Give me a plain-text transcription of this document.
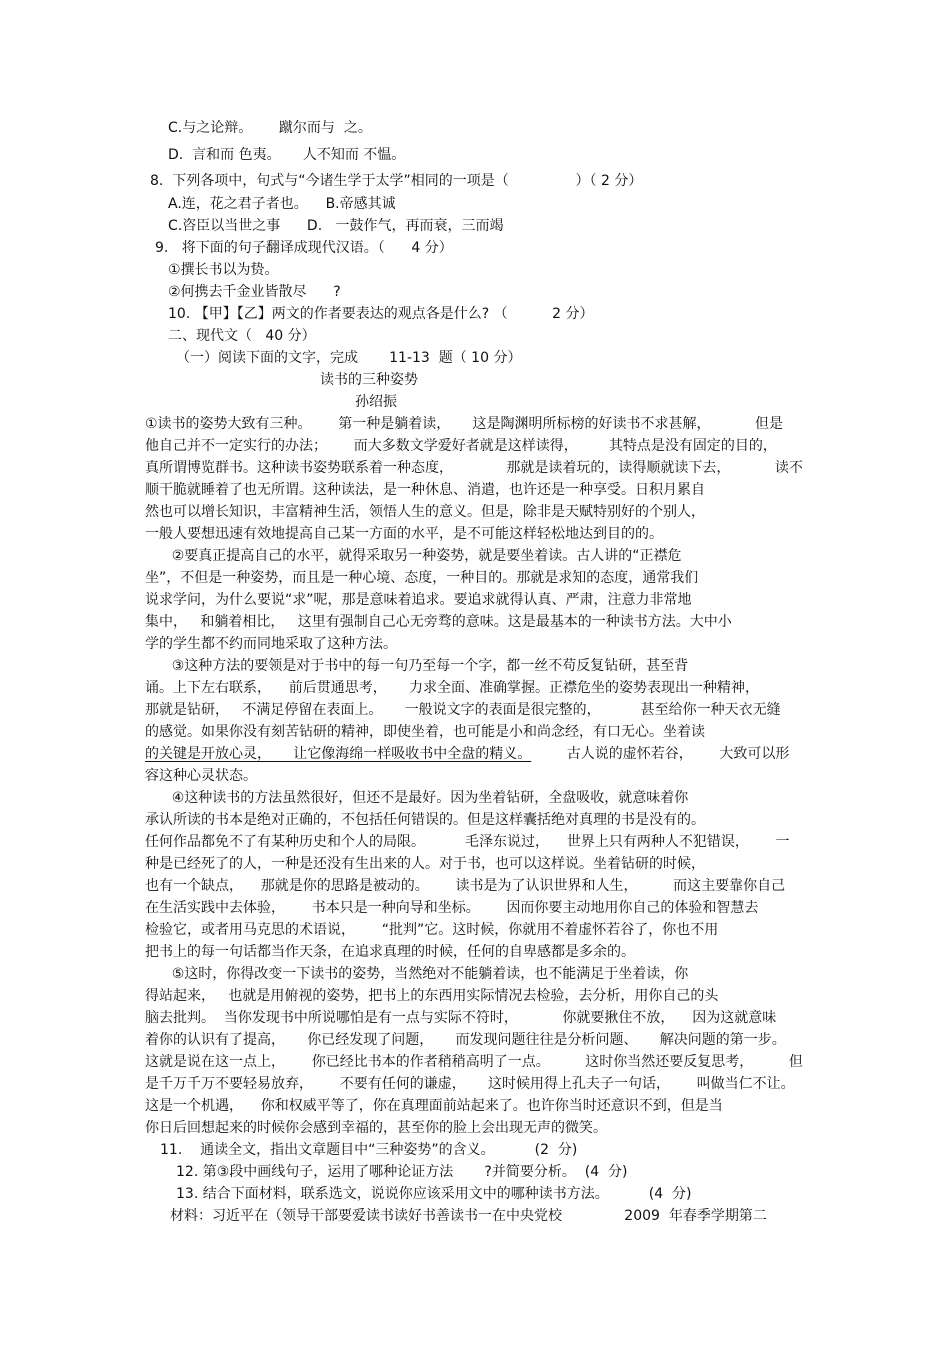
C.与之论辩。      蹴尔而与  之。
D.  言和而 色夷。     人不知而 不愠。
8.  下列各项中，句式与“今诸生学于太学”相同的一项是（               ）（ 2 分）
A.连，花之君子者也。    B.帝感其诚
C.咨臣以当世之事      D.   一鼓作气，再而衰，三而竭
9.   将下面的句子翻译成现代汉语。（      4 分）
①撰长书以为贽。
②何携去千金业皆散尽      ?
10. 【甲】【乙】两文的作者要表达的观点各是什么? （          2 分）
二、现代文（   40 分）
（一）阅读下面的文字，完成       11-13  题（ 10 分）
读书的三种姿势
孙绍振
①读书的姿势大致有三种。      第一种是躺着读，     这是陶渊明所标榜的好读书不求甚解，          但是
他自己并不一定实行的办法；      而大多数文学爱好者就是这样读得，       其特点是没有固定的目的，
真所谓博览群书。这种读书姿势联系着一种态度，            那就是读着玩的，读得顺就读下去，          读不
顺干脆就睡着了也无所谓。这种读法，是一种休息、消遣，也许还是一种享受。日积月累自
然也可以增长知识，丰富精神生活，领悟人生的意义。但是，除非是天赋特别好的个别人，
一般人要想迅速有效地提高自己某一方面的水平，是不可能这样轻松地达到目的的。
②要真正提高自己的水平，就得采取另一种姿势，就是要坐着读。古人讲的“正襟危
坐”，不但是一种姿势，而且是一种心境、态度，一种目的。那就是求知的态度，通常我们
说求学问，为什么要说“求”呢，那是意味着追求。要追求就得认真、严肃，注意力非常地
集中，   和躺着相比，   这里有强制自己心无旁骛的意味。这是最基本的一种读书方法。大中小
学的学生都不约而同地采取了这种方法。
③这种方法的要领是对于书中的每一句乃至每一个字，都一丝不苟反复钻研，甚至背
诵。上下左右联系，    前后贯通思考，     力求全面、准确掌握。正襟危坐的姿势表现出一种精神，
那就是钻研，   不满足停留在表面上。     一般说文字的表面是很完整的，         甚至给你一种天衣无缝
的感觉。如果你没有刻苦钻研的精神，即使坐着，也可能是小和尚念经，有口无心。坐着读
的关键是开放心灵，     让它像海绵一样吸收书中全盘的精义。 古人说的虚怀若谷，      大致可以形
容这种心灵状态。
④这种读书的方法虽然很好，但还不是最好。因为坐着钻研，全盘吸收，就意味着你
承认所读的书本是绝对正确的，不包括任何错误的。但是这样囊括绝对真理的书是没有的。
任何作品都免不了有某种历史和个人的局限。         毛泽东说过，    世界上只有两种人不犯错误，      一
种是已经死了的人，一种是还没有生出来的人。对于书，也可以这样说。坐着钻研的时候，
也有一个缺点，    那就是你的思路是被动的。      读书是为了认识世界和人生，        而这主要靠你自己
在生活实践中去体验，      书本只是一种向导和坐标。      因而你要主动地用你自己的体验和智慧去
检验它，或者用马克思的术语说，      “批判”它。这时候，你就用不着虚怀若谷了，你也不用
把书上的每一句话都当作天条，在追求真理的时候，任何的自卑感都是多余的。
⑤这时，你得改变一下读书的姿势，当然绝对不能躺着读，也不能满足于坐着读，你
得站起来，   也就是用俯视的姿势，把书上的东西用实际情况去检验，去分析，用你自己的头
脑去批判。  当你发现书中所说哪怕是有一点与实际不符时，          你就要揪住不放，    因为这就意味
着你的认识有了提高，     你已经发现了问题，     而发现问题往往是分析问题、     解决问题的第一步。
这就是说在这一点上，      你已经比书本的作者稍稍高明了一点。        这时你当然还要反复思考，        但
是千万千万不要轻易放弃，      不要有任何的谦虚，     这时候用得上孔夫子一句话，      叫做当仁不让。
这是一个机遇，    你和权威平等了，你在真理面前站起来了。也许你当时还意识不到，但是当
你日后回想起来的时候你会感到幸福的，甚至你的脸上会出现无声的微笑。
11.    通读全文，指出文章题目中“三种姿势”的含义。         (2  分)
12. 第③段中画线句子，运用了哪种论证方法       ?并简要分析。  (4  分)
13. 结合下面材料，联系选文，说说你应该采用文中的哪种读书方法。         (4  分)
材料：习近平在（领导干部要爱读书读好书善读书一在中央党校              2009  年春季学期第二
